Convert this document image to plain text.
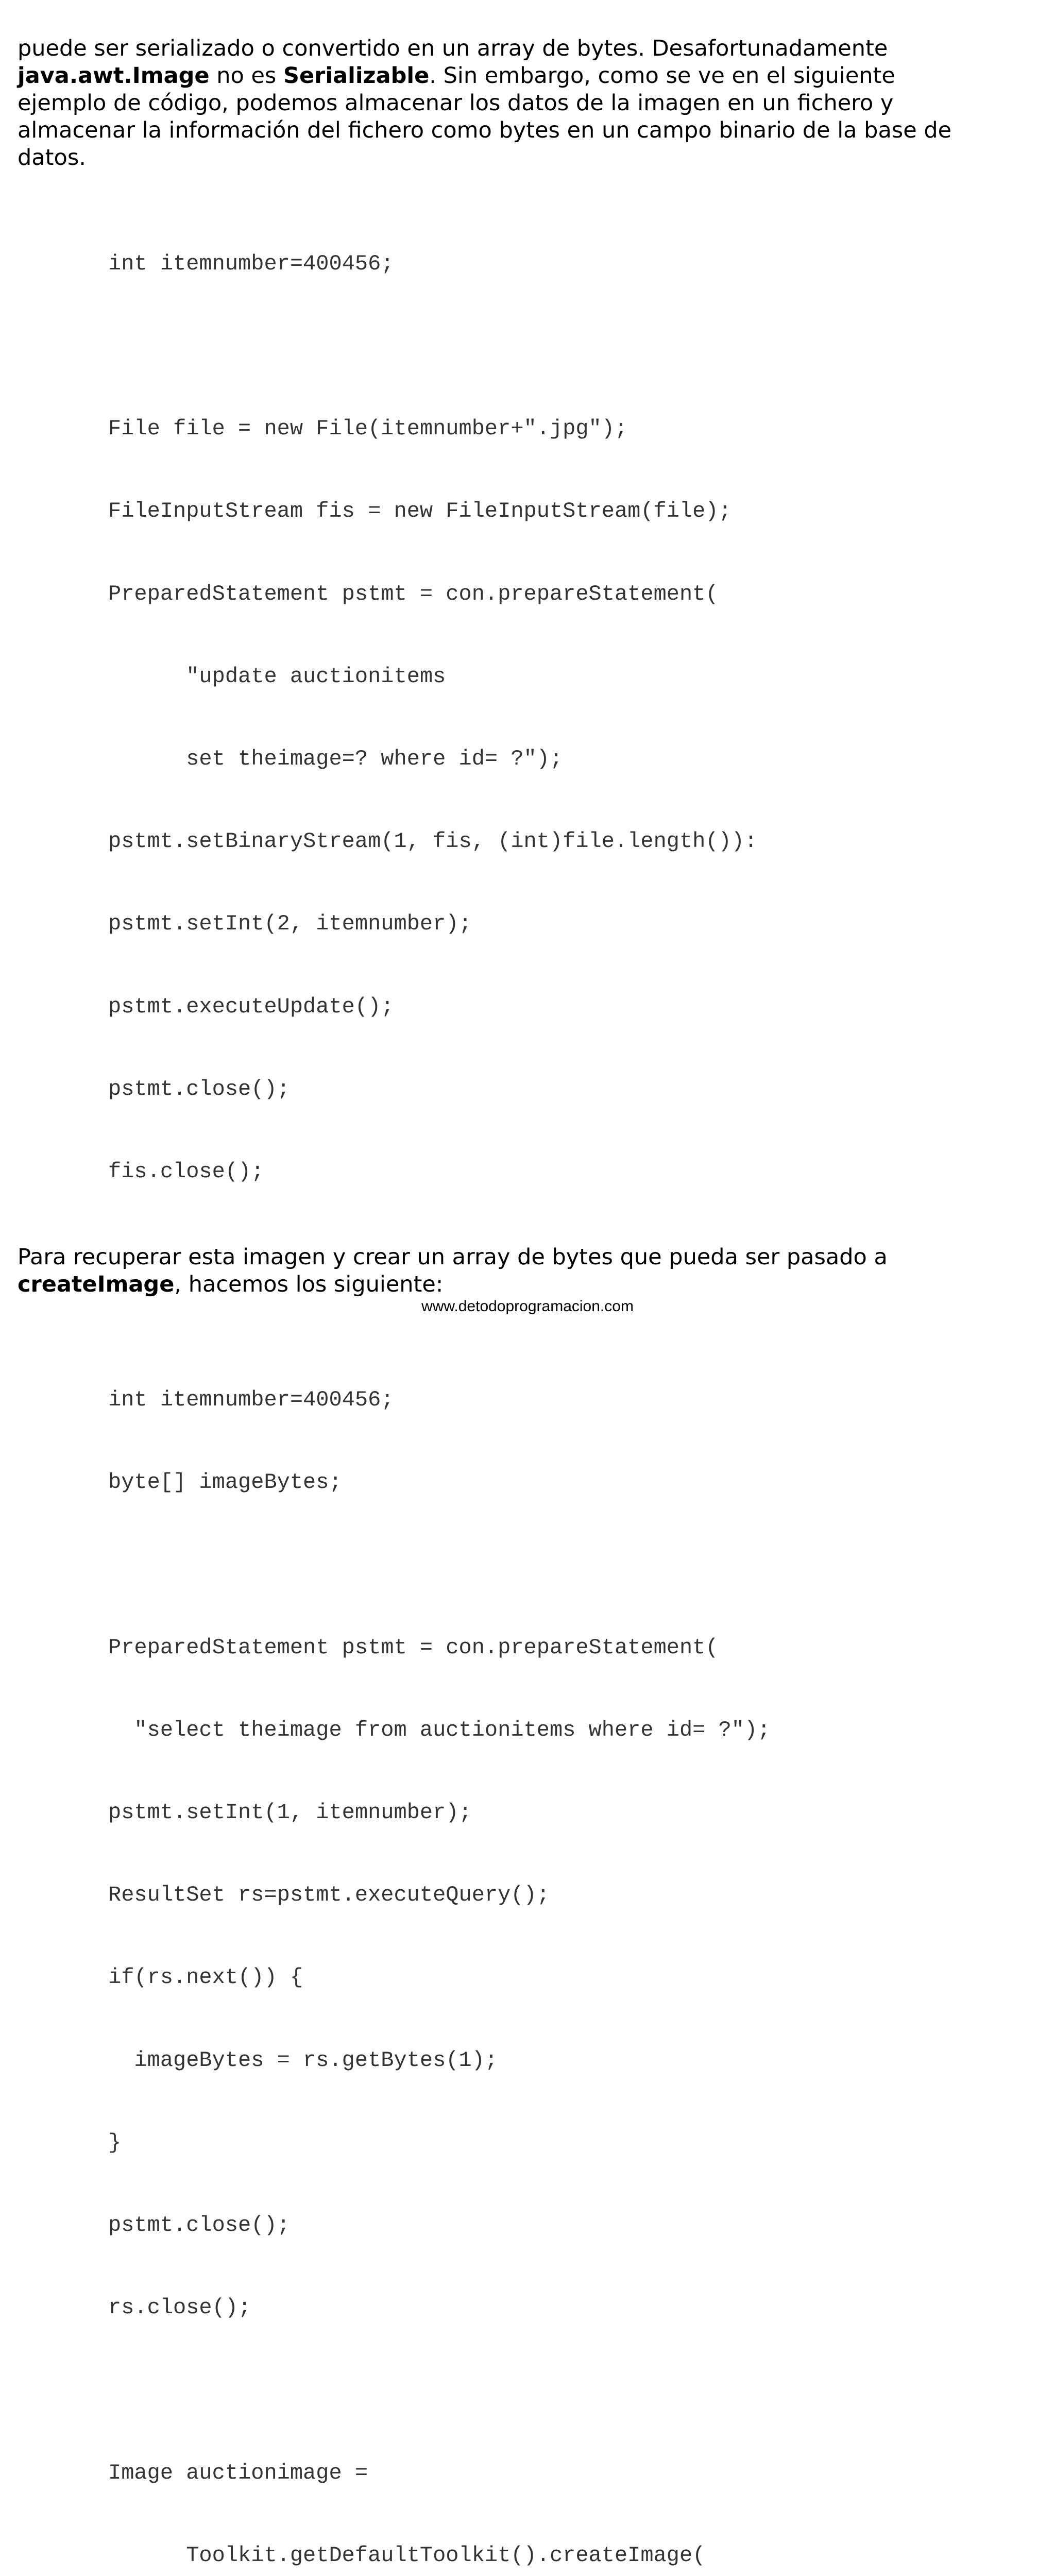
puede ser serializado o convertido en un array de bytes. Desafortunadamente
java.awt.Image no es Serializable. Sin embargo, como se ve en el siguiente
ejemplo de código, podemos almacenar los datos de la imagen en un fichero y
almacenar la información del fichero como bytes en un campo binario de la base de
datos.

int itemnumber=400456;

File file = new File(itemnumber+".jpg");

FileInputStream fis = new FileInputStream(file);

PreparedStatement pstmt = con.prepareStatement(

"update auctionitems

set theimage=? where id= ?");

pstmt.setBinaryStream(1, fis, (int)file.length()):

pstmt.setInt(2, itemnumber);

pstmt.executeUpdate();

pstmt.close();

fis.close();

Para recuperar esta imagen y crear un array de bytes que pueda ser pasado a
createImage, hacemos los siguiente:

int itemnumber=400456;

byte[] imageBytes;

PreparedStatement pstmt = con.prepareStatement(

"select theimage from auctionitems where id= ?");

pstmt.setInt(1, itemnumber);

ResultSet rs=pstmt.executeQuery();

if(rs.next()) {

imageBytes = rs.getBytes(1);

}

pstmt.close();

rs.close();

Image auctionimage =

Toolkit.getDefaultToolkit().createImage(

www.detodoprogramacion.com
